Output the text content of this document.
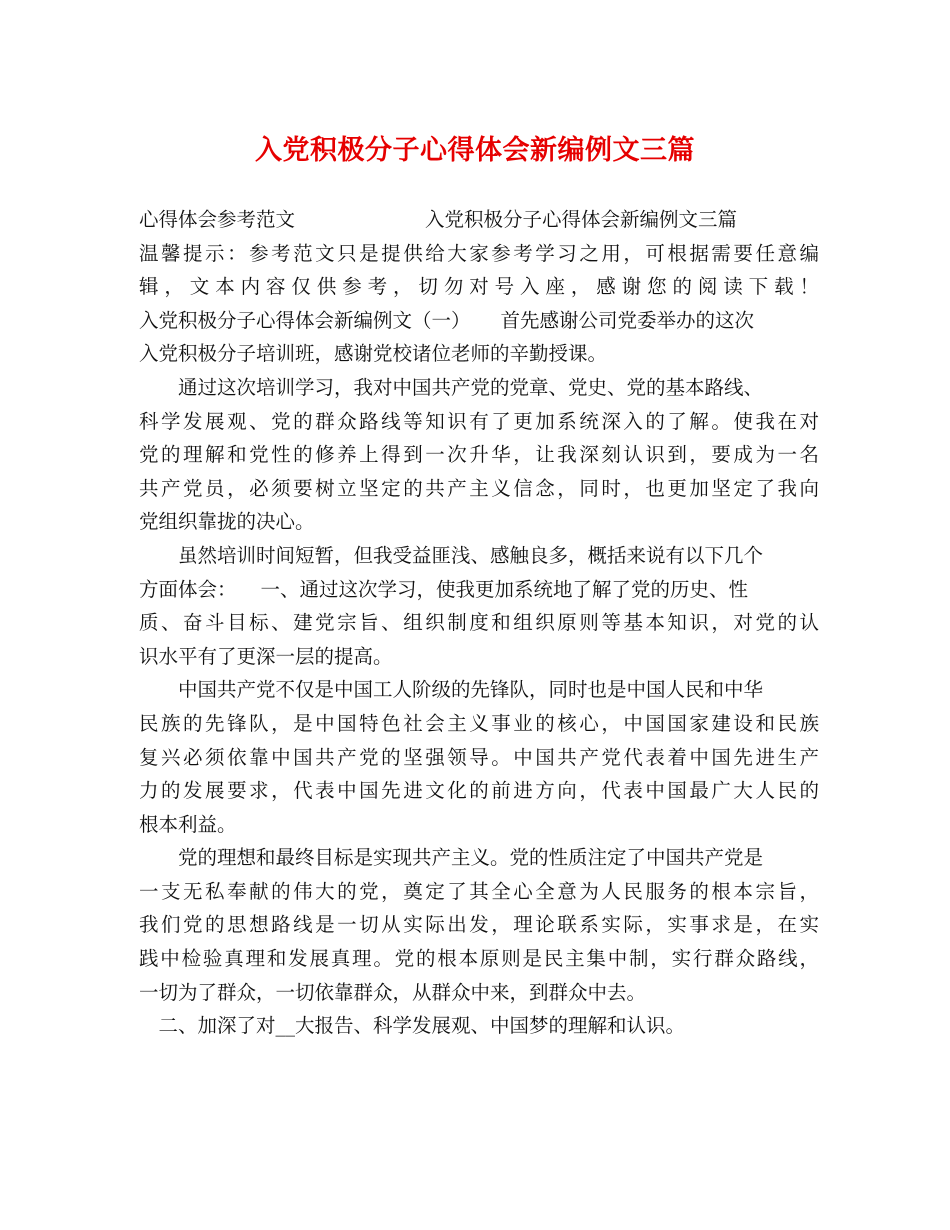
入党积极分子心得体会新编例文三篇
心得体会参考范文	入党积极分子心得体会新编例文三篇
温馨提示：参考范文只是提供给大家参考学习之用，可根据需要任意编
辑，文本内容仅供参考，切勿对号入座，感谢您的阅读下载！
入党积极分子心得体会新编例文（一） 首先感谢公司党委举办的这次
入党积极分子培训班，感谢党校诸位老师的辛勤授课。
　　通过这次培训学习，我对中国共产党的党章、党史、党的基本路线、
科学发展观、党的群众路线等知识有了更加系统深入的了解。使我在对
党的理解和党性的修养上得到一次升华，让我深刻认识到，要成为一名
共产党员，必须要树立坚定的共产主义信念，同时，也更加坚定了我向
党组织靠拢的决心。
　　虽然培训时间短暂，但我受益匪浅、感触良多，概括来说有以下几个
方面体会： 一、通过这次学习，使我更加系统地了解了党的历史、性
质、奋斗目标、建党宗旨、组织制度和组织原则等基本知识，对党的认
识水平有了更深一层的提高。
　　中国共产党不仅是中国工人阶级的先锋队，同时也是中国人民和中华
民族的先锋队，是中国特色社会主义事业的核心，中国国家建设和民族
复兴必须依靠中国共产党的坚强领导。中国共产党代表着中国先进生产
力的发展要求，代表中国先进文化的前进方向，代表中国最广大人民的
根本利益。
　　党的理想和最终目标是实现共产主义。党的性质注定了中国共产党是
一支无私奉献的伟大的党，奠定了其全心全意为人民服务的根本宗旨，
我们党的思想路线是一切从实际出发，理论联系实际，实事求是，在实
践中检验真理和发展真理。党的根本原则是民主集中制，实行群众路线，
一切为了群众，一切依靠群众，从群众中来，到群众中去。
　二、加深了对__大报告、科学发展观、中国梦的理解和认识。
